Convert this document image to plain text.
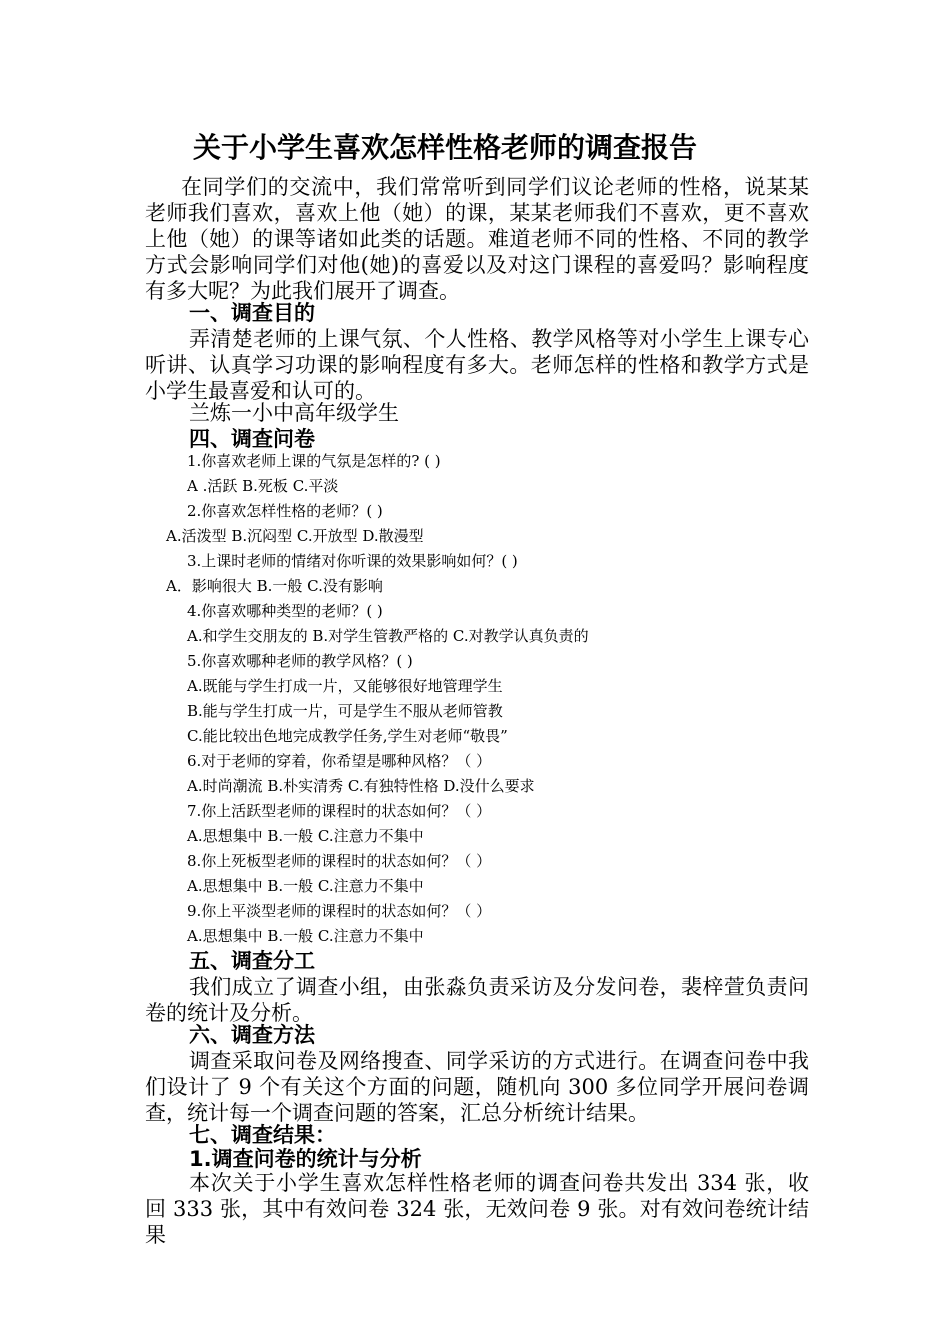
关于小学生喜欢怎样性格老师的调查报告
在同学们的交流中，我们常常听到同学们议论老师的性格，说某某老师我们喜欢，喜欢上他（她）的课，某某老师我们不喜欢，更不喜欢上他（她）的课等诸如此类的话题。难道老师不同的性格、不同的教学方式会影响同学们对他(她)的喜爱以及对这门课程的喜爱吗？影响程度有多大呢？为此我们展开了调查。
一、调查目的
弄清楚老师的上课气氛、个人性格、教学风格等对小学生上课专心听讲、认真学习功课的影响程度有多大。老师怎样的性格和教学方式是小学生最喜爱和认可的。
兰炼一小中高年级学生
四、调查问卷
1.你喜欢老师上课的气氛是怎样的? ( )
A .活跃 B.死板 C.平淡
2.你喜欢怎样性格的老师？( )
A.活泼型 B.沉闷型 C.开放型 D.散漫型
3.上课时老师的情绪对你听课的效果影响如何？( )
A．影响很大 B.一般 C.没有影响
4.你喜欢哪种类型的老师？( )
A.和学生交朋友的 B.对学生管教严格的 C.对教学认真负责的
5.你喜欢哪种老师的教学风格？( )
A.既能与学生打成一片，又能够很好地管理学生
B.能与学生打成一片，可是学生不服从老师管教
C.能比较出色地完成教学任务,学生对老师“敬畏”
6.对于老师的穿着，你希望是哪种风格？（ ）
A.时尚潮流 B.朴实清秀 C.有独特性格 D.没什么要求
7.你上活跃型老师的课程时的状态如何？（ ）
A.思想集中 B.一般 C.注意力不集中
8.你上死板型老师的课程时的状态如何？（ ）
A.思想集中 B.一般 C.注意力不集中
9.你上平淡型老师的课程时的状态如何？（ ）
A.思想集中 B.一般 C.注意力不集中
五、调查分工
我们成立了调查小组，由张淼负责采访及分发问卷，裴梓萱负责问卷的统计及分析。
六、调查方法
调查采取问卷及网络搜查、同学采访的方式进行。在调查问卷中我们设计了 9 个有关这个方面的问题，随机向 300 多位同学开展问卷调查，统计每一个调查问题的答案，汇总分析统计结果。
七、调查结果：
1.调查问卷的统计与分析
本次关于小学生喜欢怎样性格老师的调查问卷共发出 334 张，收回 333 张，其中有效问卷 324 张，无效问卷 9 张。对有效问卷统计结果
